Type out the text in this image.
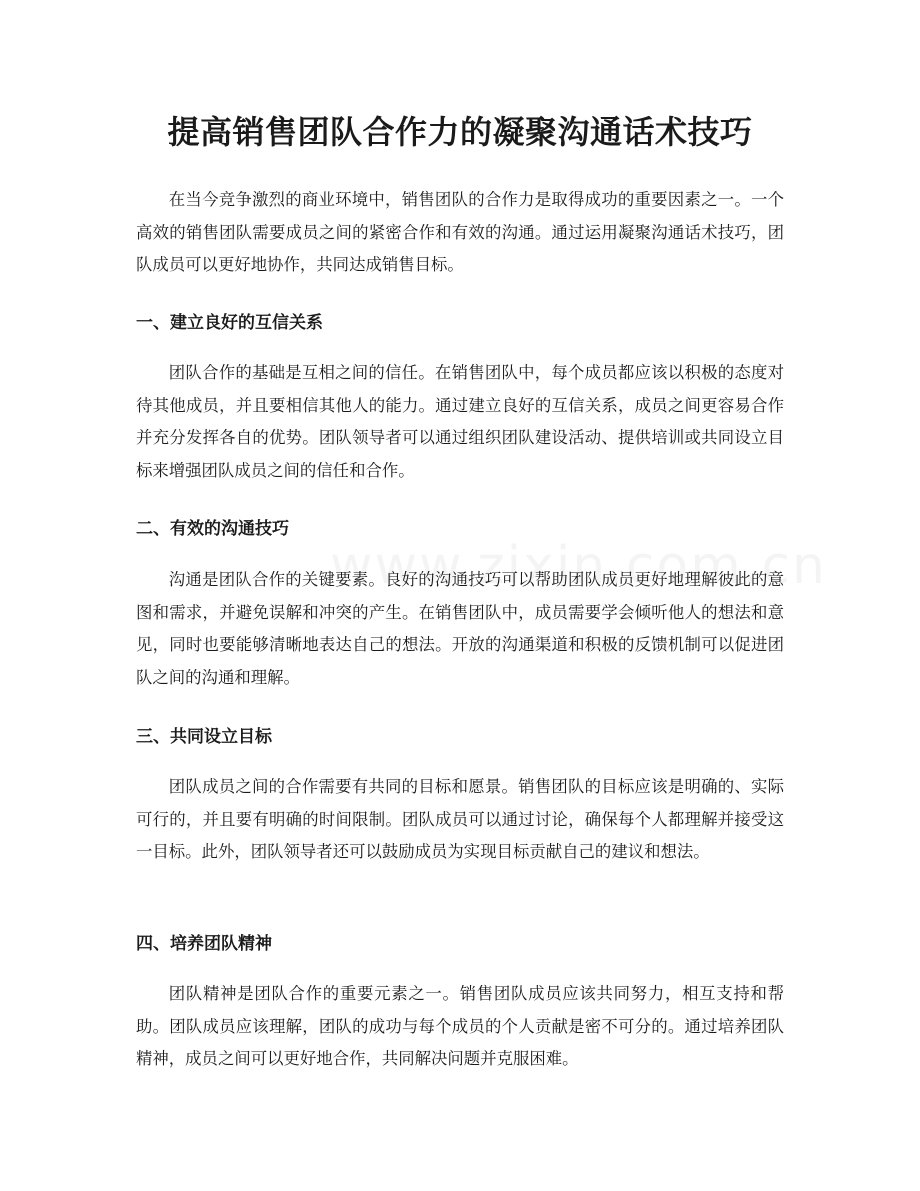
提高销售团队合作力的凝聚沟通话术技巧

在当今竞争激烈的商业环境中，销售团队的合作力是取得成功的重要因素之一。一个高效的销售团队需要成员之间的紧密合作和有效的沟通。通过运用凝聚沟通话术技巧，团队成员可以更好地协作，共同达成销售目标。

一、建立良好的互信关系

团队合作的基础是互相之间的信任。在销售团队中，每个成员都应该以积极的态度对待其他成员，并且要相信其他人的能力。通过建立良好的互信关系，成员之间更容易合作并充分发挥各自的优势。团队领导者可以通过组织团队建设活动、提供培训或共同设立目标来增强团队成员之间的信任和合作。

二、有效的沟通技巧

沟通是团队合作的关键要素。良好的沟通技巧可以帮助团队成员更好地理解彼此的意图和需求，并避免误解和冲突的产生。在销售团队中，成员需要学会倾听他人的想法和意见，同时也要能够清晰地表达自己的想法。开放的沟通渠道和积极的反馈机制可以促进团队之间的沟通和理解。

三、共同设立目标

团队成员之间的合作需要有共同的目标和愿景。销售团队的目标应该是明确的、实际可行的，并且要有明确的时间限制。团队成员可以通过讨论，确保每个人都理解并接受这一目标。此外，团队领导者还可以鼓励成员为实现目标贡献自己的建议和想法。

四、培养团队精神

团队精神是团队合作的重要元素之一。销售团队成员应该共同努力，相互支持和帮助。团队成员应该理解，团队的成功与每个成员的个人贡献是密不可分的。通过培养团队精神，成员之间可以更好地合作，共同解决问题并克服困难。
